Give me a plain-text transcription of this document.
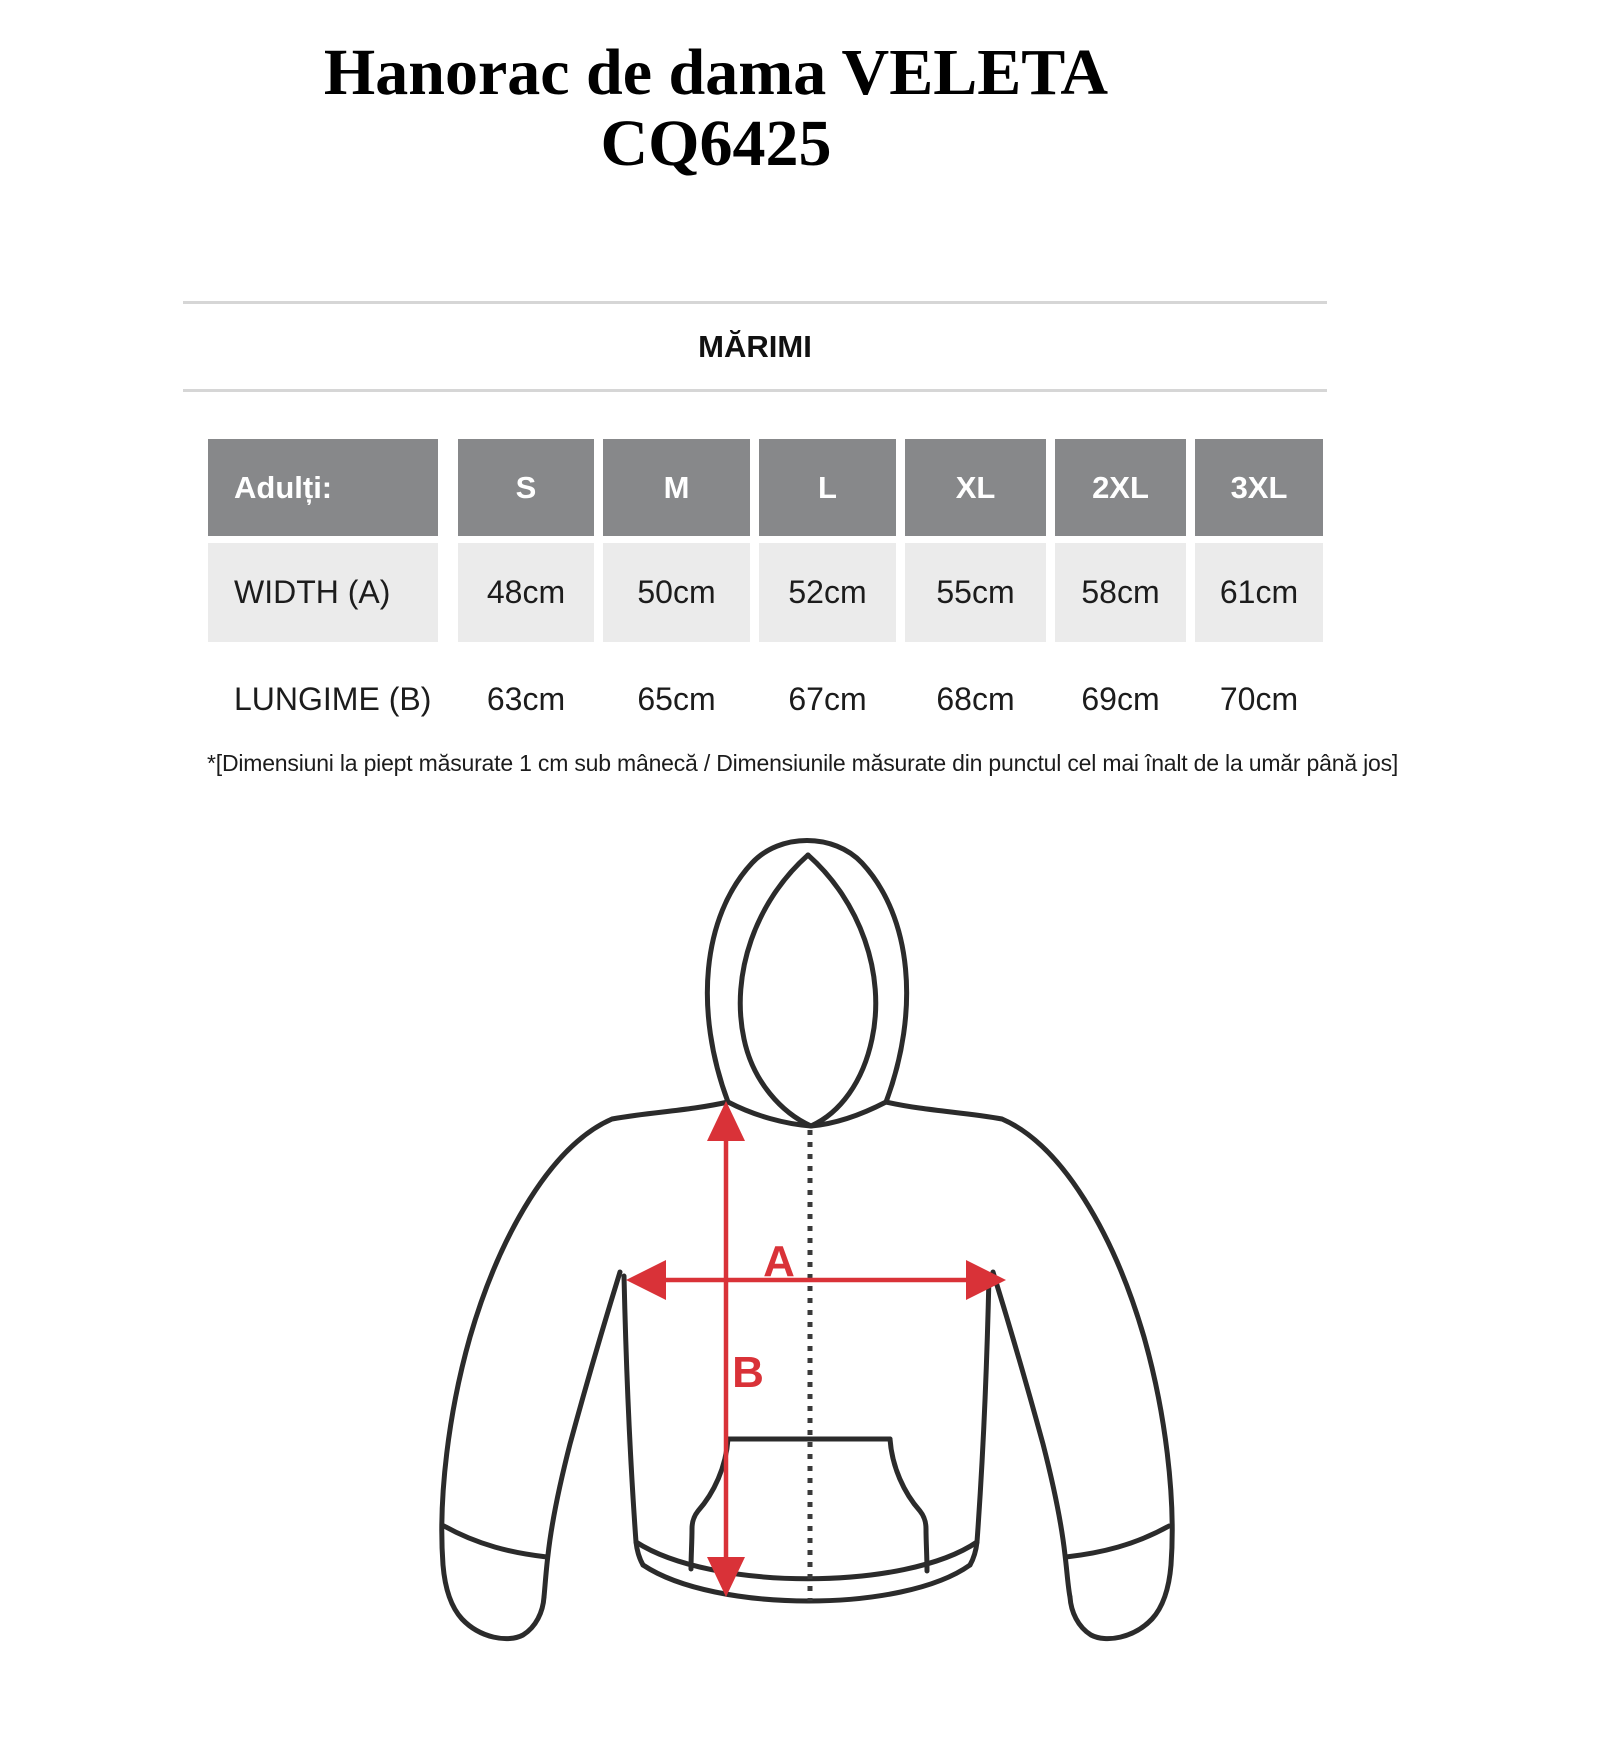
Hanorac de dama VELETA
CQ6425
MĂRIMI
Adulți:	S	M	L	XL	2XL	3XL
WIDTH (A)	48cm	50cm	52cm	55cm	58cm	61cm
LUNGIME (B)	63cm	65cm	67cm	68cm	69cm	70cm
*[Dimensiuni la piept măsurate 1 cm sub mânecă / Dimensiunile măsurate din punctul cel mai înalt de la umăr până jos]
A
B
